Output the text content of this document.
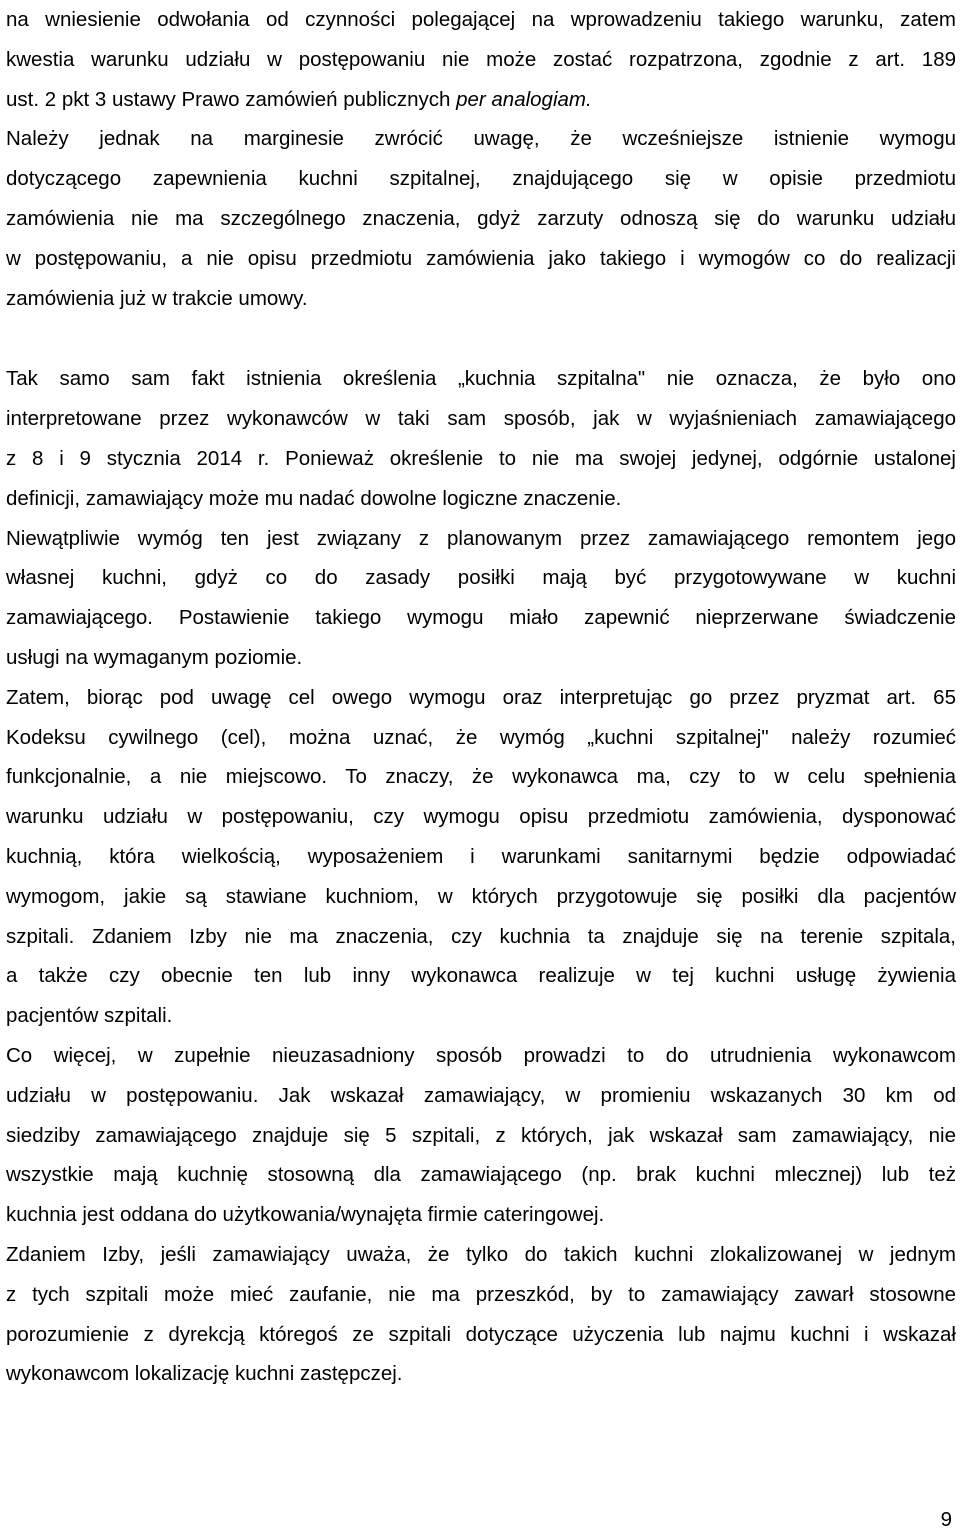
na wniesienie odwołania od czynności polegającej na wprowadzeniu takiego warunku, zatem
kwestia warunku udziału w postępowaniu nie może zostać rozpatrzona, zgodnie z art. 189
ust. 2 pkt 3 ustawy Prawo zamówień publicznych per analogiam.
Należy jednak na marginesie zwrócić uwagę, że wcześniejsze istnienie wymogu
dotyczącego zapewnienia kuchni szpitalnej, znajdującego się w opisie przedmiotu
zamówienia nie ma szczególnego znaczenia, gdyż zarzuty odnoszą się do warunku udziału
w postępowaniu, a nie opisu przedmiotu zamówienia jako takiego i wymogów co do realizacji
zamówienia już w trakcie umowy.
Tak samo sam fakt istnienia określenia „kuchnia szpitalna" nie oznacza, że było ono
interpretowane przez wykonawców w taki sam sposób, jak w wyjaśnieniach zamawiającego
z 8 i 9 stycznia 2014 r. Ponieważ określenie to nie ma swojej jedynej, odgórnie ustalonej
definicji, zamawiający może mu nadać dowolne logiczne znaczenie.
Niewątpliwie wymóg ten jest związany z planowanym przez zamawiającego remontem jego
własnej kuchni, gdyż co do zasady posiłki mają być przygotowywane w kuchni
zamawiającego. Postawienie takiego wymogu miało zapewnić nieprzerwane świadczenie
usługi na wymaganym poziomie.
Zatem, biorąc pod uwagę cel owego wymogu oraz interpretując go przez pryzmat art. 65
Kodeksu cywilnego (cel), można uznać, że wymóg „kuchni szpitalnej" należy rozumieć
funkcjonalnie, a nie miejscowo. To znaczy, że wykonawca ma, czy to w celu spełnienia
warunku udziału w postępowaniu, czy wymogu opisu przedmiotu zamówienia, dysponować
kuchnią, która wielkością, wyposażeniem i warunkami sanitarnymi będzie odpowiadać
wymogom, jakie są stawiane kuchniom, w których przygotowuje się posiłki dla pacjentów
szpitali. Zdaniem Izby nie ma znaczenia, czy kuchnia ta znajduje się na terenie szpitala,
a także czy obecnie ten lub inny wykonawca realizuje w tej kuchni usługę żywienia
pacjentów szpitali.
Co więcej, w zupełnie nieuzasadniony sposób prowadzi to do utrudnienia wykonawcom
udziału w postępowaniu. Jak wskazał zamawiający, w promieniu wskazanych 30 km od
siedziby zamawiającego znajduje się 5 szpitali, z których, jak wskazał sam zamawiający, nie
wszystkie mają kuchnię stosowną dla zamawiającego (np. brak kuchni mlecznej) lub też
kuchnia jest oddana do użytkowania/wynajęta firmie cateringowej.
Zdaniem Izby, jeśli zamawiający uważa, że tylko do takich kuchni zlokalizowanej w jednym
z tych szpitali może mieć zaufanie, nie ma przeszkód, by to zamawiający zawarł stosowne
porozumienie z dyrekcją któregoś ze szpitali dotyczące użyczenia lub najmu kuchni i wskazał
wykonawcom lokalizację kuchni zastępczej.
9
